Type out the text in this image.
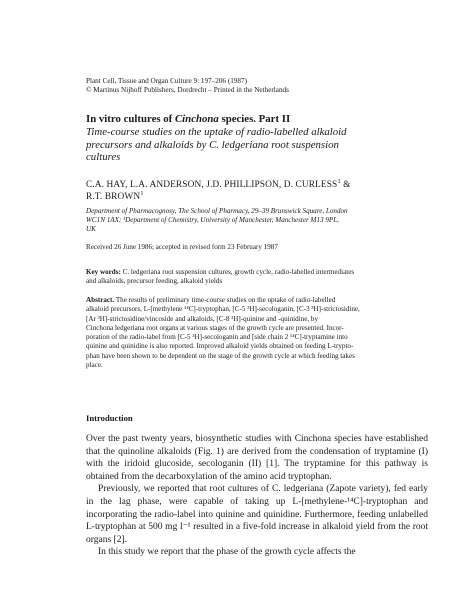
Plant Cell, Tissue and Organ Culture 9: 197–206 (1987)
© Martinus Nijhoff Publishers, Dordrecht – Printed in the Netherlands
In vitro cultures of Cinchona species. Part II
Time-course studies on the uptake of radio-labelled alkaloid
precursors and alkaloids by C. ledgeriana root suspension
cultures
C.A. HAY, L.A. ANDERSON, J.D. PHILLIPSON, D. CURLESS$^1$ &
R.T. BROWN$^1$
Department of Pharmacognosy, The School of Pharmacy, 29–39 Brunswick Square, London
WC1N 1AX; ¹Department of Chemistry, University of Manchester, Manchester M13 9PL,
UK
Received 26 June 1986; accepted in revised form 23 February 1987
Key words: C. ledgeriana root suspension cultures, growth cycle, radio-labelled intermediates
and alkaloids, precursor feeding, alkaloid yields
Abstract. The results of preliminary time-course studies on the uptake of radio-labelled
alkaloid precursors, L-[methylene ¹⁴C]-tryptophan, [C-5 ³H]-secologanin, [C-3 ³H]-strictosidine,
[Ar ³H]-strictosidine/vincoside and alkaloids, [C-8 ³H]-quinine and -quinidine, by
Cinchona ledgeriana root organs at various stages of the growth cycle are presented. Incor-
poration of the radio-label from [C-5 ³H]-secologanin and [side chain 2 ¹⁴C]-tryptamine into
quinine and quinidine is also reported. Improved alkaloid yields obtained on feeding L-trypto-
phan have been shown to be dependent on the stage of the growth cycle at which feeding takes
place.
Introduction

Over the past twenty years, biosynthetic studies with Cinchona species have established that the quinoline alkaloids (Fig. 1) are derived from the condensation of tryptamine (I) with the iridoid glucoside, secologanin (II) [1]. The tryptamine for this pathway is obtained from the decarboxylation of the amino acid tryptophan.

Previously, we reported that root cultures of C. ledgeriana (Zapote variety), fed early in the lag phase, were capable of taking up L-[methylene-¹⁴C]-tryptophan and incorporating the radio-label into quinine and quinidine. Furthermore, feeding unlabelled L-tryptophan at 500 mg l⁻¹ resulted in a five-fold increase in alkaloid yield from the root organs [2].

In this study we report that the phase of the growth cycle affects the
